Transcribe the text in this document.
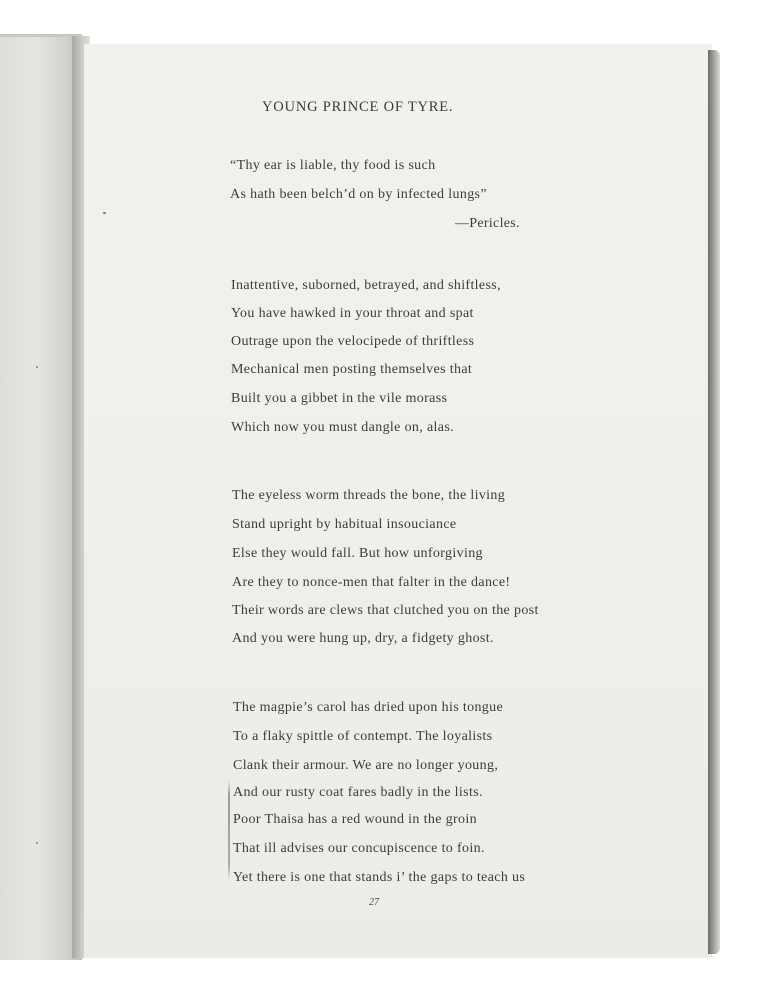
YOUNG PRINCE OF TYRE.
“Thy ear is liable, thy food is such
As hath been belch’d on by infected lungs”
—Pericles.
Inattentive, suborned, betrayed, and shiftless,
You have hawked in your throat and spat
Outrage upon the velocipede of thriftless
Mechanical men posting themselves that
Built you a gibbet in the vile morass
Which now you must dangle on, alas.
The eyeless worm threads the bone, the living
Stand upright by habitual insouciance
Else they would fall. But how unforgiving
Are they to nonce-men that falter in the dance!
Their words are clews that clutched you on the post
And you were hung up, dry, a fidgety ghost.
The magpie’s carol has dried upon his tongue
To a flaky spittle of contempt. The loyalists
Clank their armour. We are no longer young,
And our rusty coat fares badly in the lists.
Poor Thaisa has a red wound in the groin
That ill advises our concupiscence to foin.
Yet there is one that stands i’ the gaps to teach us
27
